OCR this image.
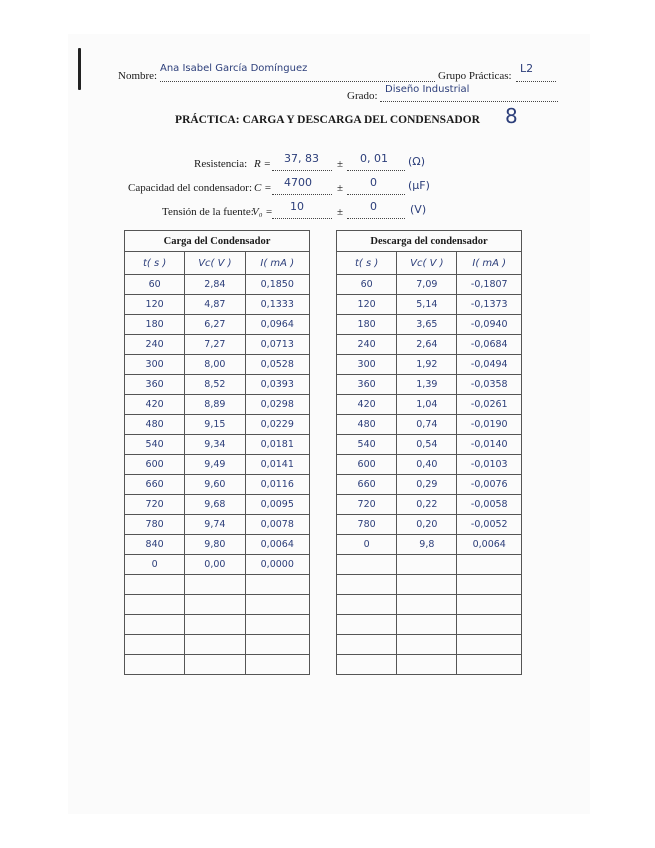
Nombre:
Ana Isabel García Domínguez
Grupo Prácticas:
L2
Grado:
Diseño Industrial
PRÁCTICA: CARGA Y DESCARGA DEL CONDENSADOR	8
Resistencia: R = 37, 83 ± 0, 01 (Ω)
Capacidad del condensador: C = 4700 ± 0	(μF)
Tensión de la fuente:
V₀ = 10	± 0	(V)
Carga del Condensador		
t( s )	Vc( V )	I( mA )
60	2,84	0,1850
120	4,87	0,1333
180	6,27	0,0964
240	7,27	0,0713
300	8,00	0,0528
360	8,52	0,0393
420	8,89	0,0298
480	9,15	0,0229
540	9,34	0,0181
600	9,49	0,0141
660	9,60	0,0116
720	9,68	0,0095
780	9,74	0,0078
840	9,80	0,0064
0	0,00	0,0000

Descarga del condensador		
t( s )	Vc( V )	I( mA )
60	7,09	-0,1807
120	5,14	-0,1373
180	3,65	-0,0940
240	2,64	-0,0684
300	1,92	-0,0494
360	1,39	-0,0358
420	1,04	-0,0261
480	0,74	-0,0190
540	0,54	-0,0140
600	0,40	-0,0103
660	0,29	-0,0076
720	0,22	-0,0058
780	0,20	-0,0052
0	9,8	0,0064
